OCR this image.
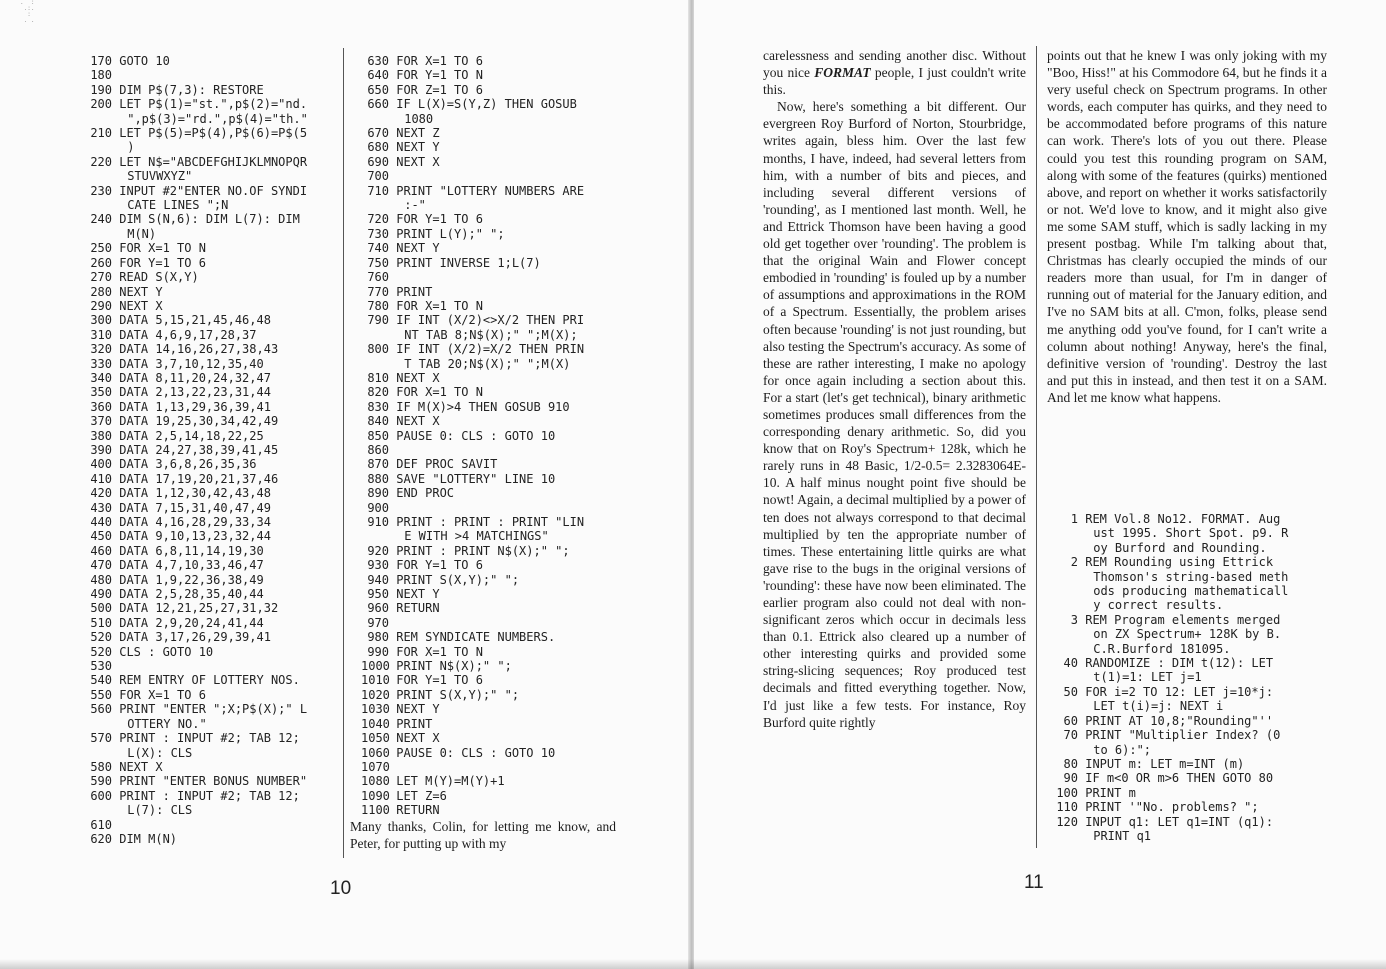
.  :
.:.
:
. .
170 GOTO 10
180
190 DIM P$(7,3): RESTORE
200 LET P$(1)="st.",p$(2)="nd.
",p$(3)="rd.",p$(4)="th."
210 LET P$(5)=P$(4),P$(6)=P$(5
)
220 LET N$="ABCDEFGHIJKLMNOPQR
STUVWXYZ"
230 INPUT #2"ENTER NO.OF SYNDI
CATE LINES ";N
240 DIM S(N,6): DIM L(7): DIM
M(N)
250 FOR X=1 TO N
260 FOR Y=1 TO 6
270 READ S(X,Y)
280 NEXT Y
290 NEXT X
300 DATA 5,15,21,45,46,48
310 DATA 4,6,9,17,28,37
320 DATA 14,16,26,27,38,43
330 DATA 3,7,10,12,35,40
340 DATA 8,11,20,24,32,47
350 DATA 2,13,22,23,31,44
360 DATA 1,13,29,36,39,41
370 DATA 19,25,30,34,42,49
380 DATA 2,5,14,18,22,25
390 DATA 24,27,38,39,41,45
400 DATA 3,6,8,26,35,36
410 DATA 17,19,20,21,37,46
420 DATA 1,12,30,42,43,48
430 DATA 7,15,31,40,47,49
440 DATA 4,16,28,29,33,34
450 DATA 9,10,13,23,32,44
460 DATA 6,8,11,14,19,30
470 DATA 4,7,10,33,46,47
480 DATA 1,9,22,36,38,49
490 DATA 2,5,28,35,40,44
500 DATA 12,21,25,27,31,32
510 DATA 2,9,20,24,41,44
520 DATA 3,17,26,29,39,41
520 CLS : GOTO 10
530
540 REM ENTRY OF LOTTERY NOS.
550 FOR X=1 TO 6
560 PRINT "ENTER ";X;P$(X);" L
OTTERY NO."
570 PRINT : INPUT #2; TAB 12;
L(X): CLS
580 NEXT X
590 PRINT "ENTER BONUS NUMBER"
600 PRINT : INPUT #2; TAB 12;
L(7): CLS
610
620 DIM M(N)
630 FOR X=1 TO 6
640 FOR Y=1 TO N
650 FOR Z=1 TO 6
660 IF L(X)=S(Y,Z) THEN GOSUB
1080
670 NEXT Z
680 NEXT Y
690 NEXT X
700
710 PRINT "LOTTERY NUMBERS ARE
:-"
720 FOR Y=1 TO 6
730 PRINT L(Y);" ";
740 NEXT Y
750 PRINT INVERSE 1;L(7)
760
770 PRINT
780 FOR X=1 TO N
790 IF INT (X/2)<>X/2 THEN PRI
NT TAB 8;N$(X);" ";M(X);
800 IF INT (X/2)=X/2 THEN PRIN
T TAB 20;N$(X);" ";M(X)
810 NEXT X
820 FOR X=1 TO N
830 IF M(X)>4 THEN GOSUB 910
840 NEXT X
850 PAUSE 0: CLS : GOTO 10
860
870 DEF PROC SAVIT
880 SAVE "LOTTERY" LINE 10
890 END PROC
900
910 PRINT : PRINT : PRINT "LIN
E WITH >4 MATCHINGS"
920 PRINT : PRINT N$(X);" ";
930 FOR Y=1 TO 6
940 PRINT S(X,Y);" ";
950 NEXT Y
960 RETURN
970
980 REM SYNDICATE NUMBERS.
990 FOR X=1 TO N
1000 PRINT N$(X);" ";
1010 FOR Y=1 TO 6
1020 PRINT S(X,Y);" ";
1030 NEXT Y
1040 PRINT
1050 NEXT X
1060 PAUSE 0: CLS : GOTO 10
1070
1080 LET M(Y)=M(Y)+1
1090 LET Z=6
1100 RETURN

Many thanks, Colin, for letting me know, and Peter, for putting up with my

10

carelessness and sending another disc. Without you nice FORMAT people, I just couldn't write this.

Now, here's something a bit different. Our evergreen Roy Burford of Norton, Stourbridge, writes again, bless him. Over the last few months, I have, indeed, had several letters from him, with a number of bits and pieces, and including several different versions of 'rounding', as I mentioned last month. Well, he and Ettrick Thomson have been having a good old get together over 'rounding'. The problem is that the original Wain and Flower concept embodied in 'rounding' is fouled up by a number of assumptions and approximations in the ROM of a Spectrum. Essentially, the problem arises often because 'rounding' is not just rounding, but also testing the Spectrum's accuracy. As some of these are rather interesting, I make no apology for once again including a section about this. For a start (let's get technical), binary arithmetic sometimes produces small differences from the corresponding denary arithmetic. So, did you know that on Roy's Spectrum+ 128k, which he rarely runs in 48 Basic, 1/2-0.5= 2.3283064E-10. A half minus nought point five should be nowt! Again, a decimal multiplied by a power of ten does not always correspond to that decimal multiplied by ten the appropriate number of times. These entertaining little quirks are what gave rise to the bugs in the original versions of 'rounding': these have now been eliminated. The earlier program also could not deal with non-significant zeros which occur in decimals less than 0.1. Ettrick also cleared up a number of other interesting quirks and provided some string-slicing sequences; Roy produced test decimals and fitted everything together. Now, I'd just like a few tests. For instance, Roy Burford quite rightly

points out that he knew I was only joking with my "Boo, Hiss!" at his Commodore 64, but he finds it a very useful check on Spectrum programs. In other words, each computer has quirks, and they need to be accommodated before programs of this nature can work. There's lots of you out there. Please could you test this rounding program on SAM, along with some of the features (quirks) mentioned above, and report on whether it works satisfactorily or not. We'd love to know, and it might also give me some SAM stuff, which is sadly lacking in my present postbag. While I'm talking about that, Christmas has clearly occupied the minds of our readers more than usual, for I'm in danger of running out of material for the January edition, and I've no SAM bits at all. C'mon, folks, please send me anything odd you've found, for I can't write a column about nothing! Anyway, here's the final, definitive version of 'rounding'. Destroy the last and put this in instead, and then test it on a SAM. And let me know what happens.

1 REM Vol.8 No12. FORMAT. Aug
ust 1995. Short Spot. p9. R
oy Burford and Rounding.
2 REM Rounding using Ettrick
Thomson's string-based meth
ods producing mathematicall
y correct results.
3 REM Program elements merged
on ZX Spectrum+ 128K by B.
C.R.Burford 181095.
40 RANDOMIZE : DIM t(12): LET
t(1)=1: LET j=1
50 FOR i=2 TO 12: LET j=10*j:
LET t(i)=j: NEXT i
60 PRINT AT 10,8;"Rounding"''
70 PRINT "Multiplier Index? (0
to 6):";
80 INPUT m: LET m=INT (m)
90 IF m<0 OR m>6 THEN GOTO 80
100 PRINT m
110 PRINT '"No. problems? ";
120 INPUT q1: LET q1=INT (q1):
PRINT q1
11
